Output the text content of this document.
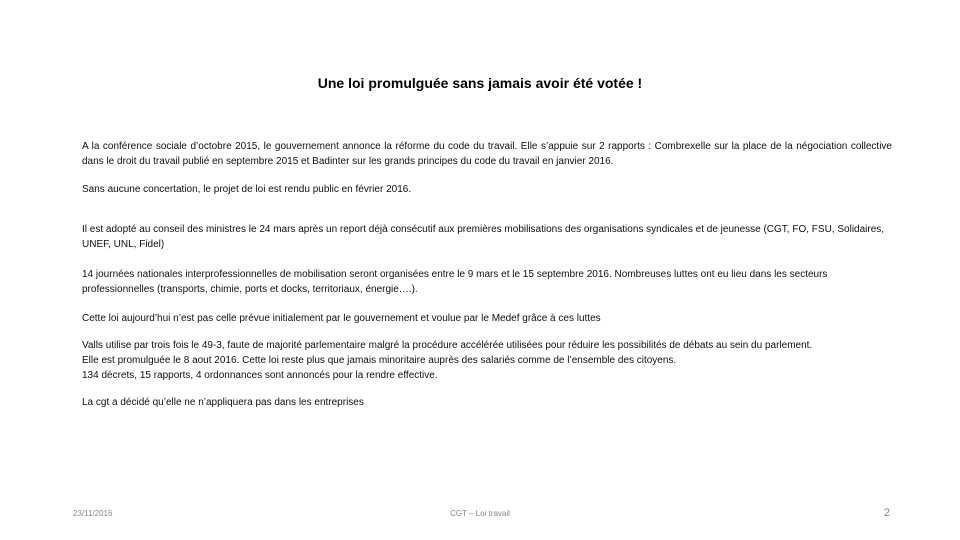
Une loi promulguée sans jamais avoir été votée !

A la conférence sociale d’octobre 2015, le gouvernement annonce la réforme du code du travail. Elle s’appuie sur 2 rapports : Combrexelle sur la place de la négociation collective dans le droit du travail publié en septembre 2015 et Badinter sur les grands principes du code du travail en janvier 2016.

Sans aucune concertation, le projet de loi est rendu public en février 2016.

Il est adopté au conseil des ministres le 24 mars après un report déjà consécutif aux premières mobilisations des organisations syndicales et de jeunesse (CGT, FO, FSU, Solidaires, UNEF, UNL, Fidel)

14 journées nationales interprofessionnelles de mobilisation seront organisées entre le 9 mars et le 15 septembre 2016. Nombreuses luttes ont eu lieu dans les secteurs professionnelles (transports, chimie, ports et docks, territoriaux, énergie….).

Cette loi aujourd’hui n’est pas celle prévue initialement par le gouvernement et voulue par le Medef grâce à ces luttes

Valls utilise par trois fois le 49-3, faute de majorité parlementaire malgré la procédure accélérée utilisées pour réduire les possibilités de débats au sein du parlement.

Elle est promulguée le 8 aout 2016. Cette loi reste plus que jamais minoritaire auprès des salariés comme de l’ensemble des citoyens.

134 décrets, 15 rapports, 4 ordonnances sont annoncés pour la rendre effective.

La cgt a décidé qu’elle ne n’appliquera pas dans les entreprises

23/11/2016	CGT – Loi travail	2
